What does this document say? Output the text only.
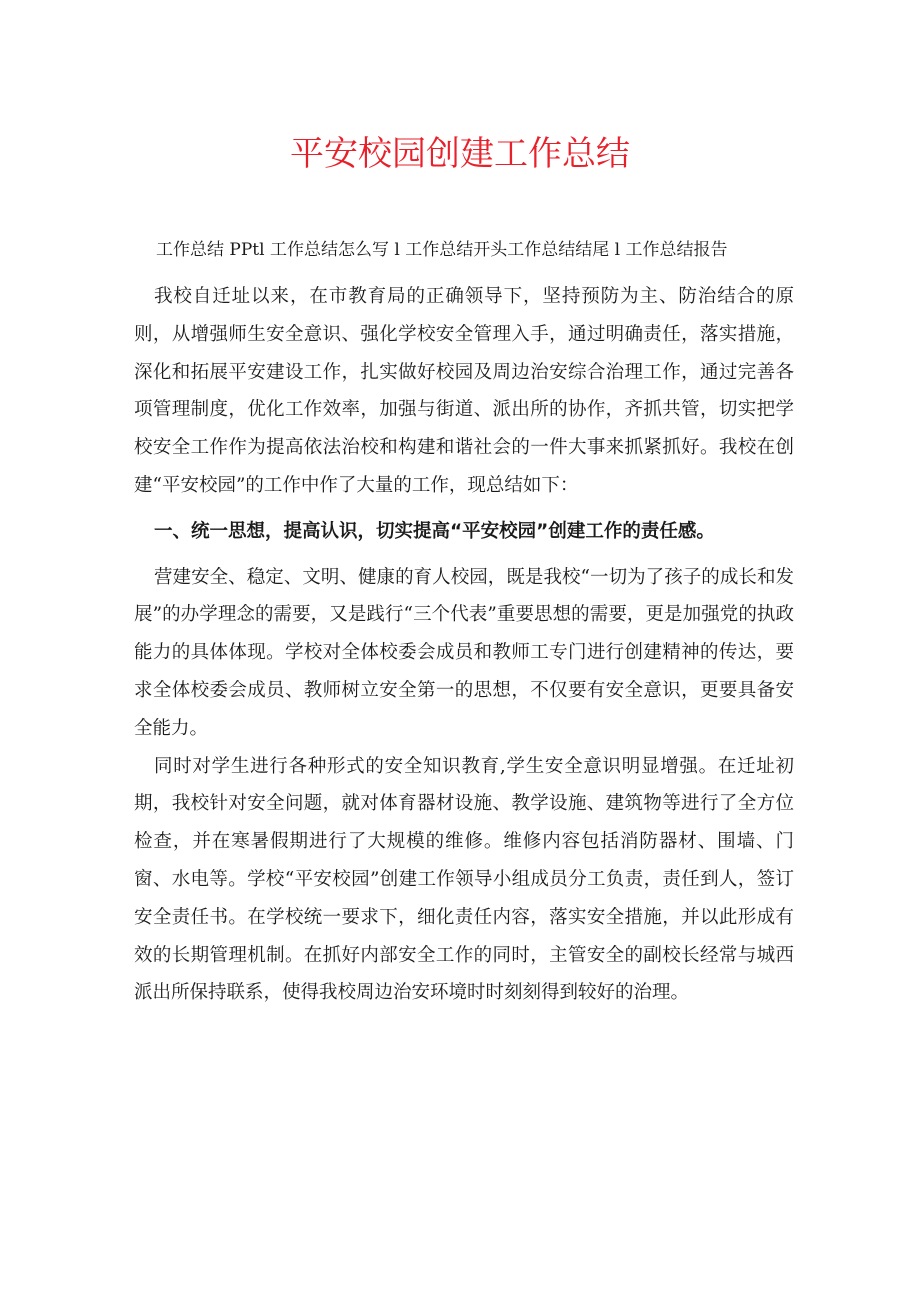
平安校园创建工作总结

工作总结 PPtl 工作总结怎么写 l 工作总结开头工作总结结尾 l 工作总结报告

我校自迁址以来，在市教育局的正确领导下，坚持预防为主、防治结合的原则，从增强师生安全意识、强化学校安全管理入手，通过明确责任，落实措施，深化和拓展平安建设工作，扎实做好校园及周边治安综合治理工作，通过完善各项管理制度，优化工作效率，加强与街道、派出所的协作，齐抓共管，切实把学校安全工作作为提高依法治校和构建和谐社会的一件大事来抓紧抓好。我校在创建“平安校园”的工作中作了大量的工作，现总结如下：

一、统一思想，提高认识，切实提高“平安校园”创建工作的责任感。

营建安全、稳定、文明、健康的育人校园，既是我校“一切为了孩子的成长和发展”的办学理念的需要，又是践行“三个代表”重要思想的需要，更是加强党的执政能力的具体体现。学校对全体校委会成员和教师工专门进行创建精神的传达，要求全体校委会成员、教师树立安全第一的思想，不仅要有安全意识，更要具备安全能力。

同时对学生进行各种形式的安全知识教育,学生安全意识明显增强。在迁址初期，我校针对安全问题，就对体育器材设施、教学设施、建筑物等进行了全方位检查，并在寒暑假期进行了大规模的维修。维修内容包括消防器材、围墙、门窗、水电等。学校“平安校园”创建工作领导小组成员分工负责，责任到人，签订安全责任书。在学校统一要求下，细化责任内容，落实安全措施，并以此形成有效的长期管理机制。在抓好内部安全工作的同时，主管安全的副校长经常与城西派出所保持联系，使得我校周边治安环境时时刻刻得到较好的治理。
